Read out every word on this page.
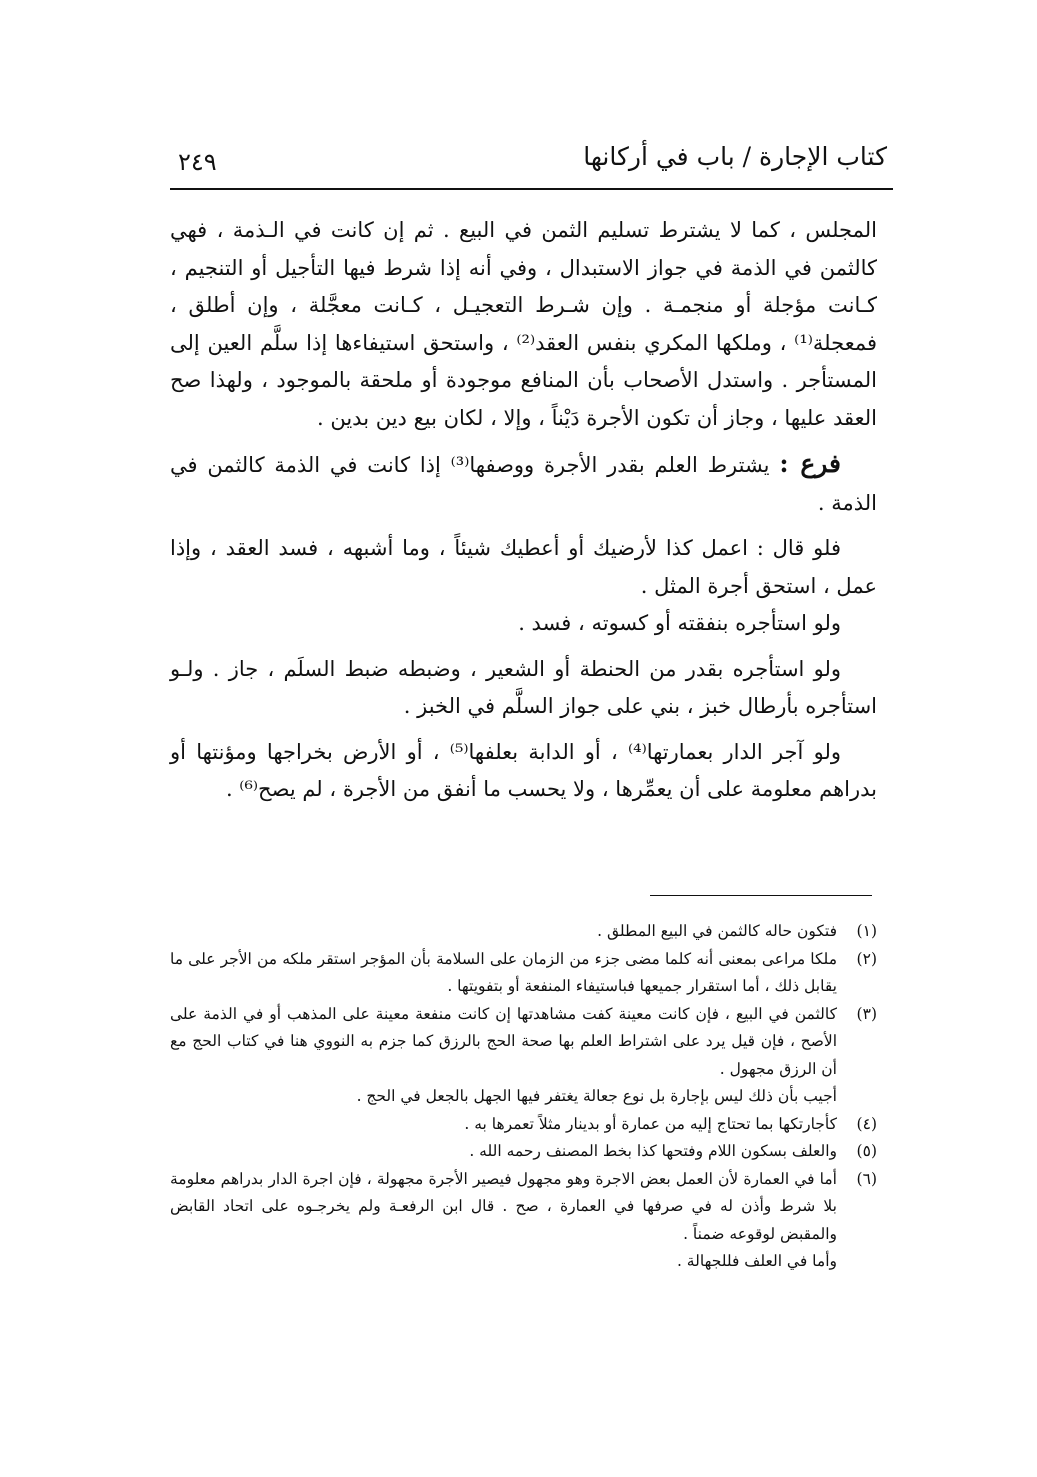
كتاب الإجارة / باب في أركانها
٢٤٩

المجلس ، كما لا يشترط تسليم الثمن في البيع . ثم إن كانت في الـذمة ، فهي كالثمن في الذمة في جواز الاستبدال ، وفي أنه إذا شرط فيها التأجيل أو التنجيم ، كـانت مؤجلة أو منجمـة . وإن شـرط التعجيـل ، كـانت معجَّلة ، وإن أطلق ، فمعجلة⁽¹⁾ ، وملكها المكري بنفس العقد⁽²⁾ ، واستحق استيفاءها إذا سلَّم العين إلى المستأجر . واستدل الأصحاب بأن المنافع موجودة أو ملحقة بالموجود ، ولهذا صح العقد عليها ، وجاز أن تكون الأجرة دَيْناً ، وإلا ، لكان بيع دين بدين .

فرع : يشترط العلم بقدر الأجرة ووصفها⁽³⁾ إذا كانت في الذمة كالثمن في الذمة .

فلو قال : اعمل كذا لأرضيك أو أعطيك شيئاً ، وما أشبهه ، فسد العقد ، وإذا عمل ، استحق أجرة المثل .

ولو استأجره بنفقته أو كسوته ، فسد .

ولو استأجره بقدر من الحنطة أو الشعير ، وضبطه ضبط السلَم ، جاز . ولـو استأجره بأرطال خبز ، بني على جواز السلَّم في الخبز .

ولو آجر الدار بعمارتها⁽⁴⁾ ، أو الدابة بعلفها⁽⁵⁾ ، أو الأرض بخراجها ومؤنتها أو بدراهم معلومة على أن يعمِّرها ، ولا يحسب ما أنفق من الأجرة ، لم يصح⁽⁶⁾ .

(١)

فتكون حاله كالثمن في البيع المطلق .

(٢)

ملكا مراعى بمعنى أنه كلما مضى جزء من الزمان على السلامة بأن المؤجر استقر ملكه من الأجر على ما يقابل ذلك ، أما استقرار جميعها فباستيفاء المنفعة أو بتفويتها .

(٣)

كالثمن في البيع ، فإن كانت معينة كفت مشاهدتها إن كانت منفعة معينة على المذهب أو في الذمة على الأصح ، فإن قيل يرد على اشتراط العلم بها صحة الحج بالرزق كما جزم به النووي هنا في كتاب الحج مع أن الرزق مجهول .

أجيب بأن ذلك ليس بإجارة بل نوع جعالة يغتفر فيها الجهل بالجعل في الحج .

(٤)

كأجارتكها بما تحتاج إليه من عمارة أو بدينار مثلاً تعمرها به .

(٥)

والعلف بسكون اللام وفتحها كذا بخط المصنف رحمه الله .

(٦)

أما في العمارة لأن العمل بعض الاجرة وهو مجهول فيصير الأجرة مجهولة ، فإن اجرة الدار بدراهم معلومة بلا شرط وأذن له في صرفها في العمارة ، صح . قال ابن الرفعـة ولم يخرجـوه على اتحاد القابض والمقبض لوقوعه ضمناً .

وأما في العلف فللجهالة .
